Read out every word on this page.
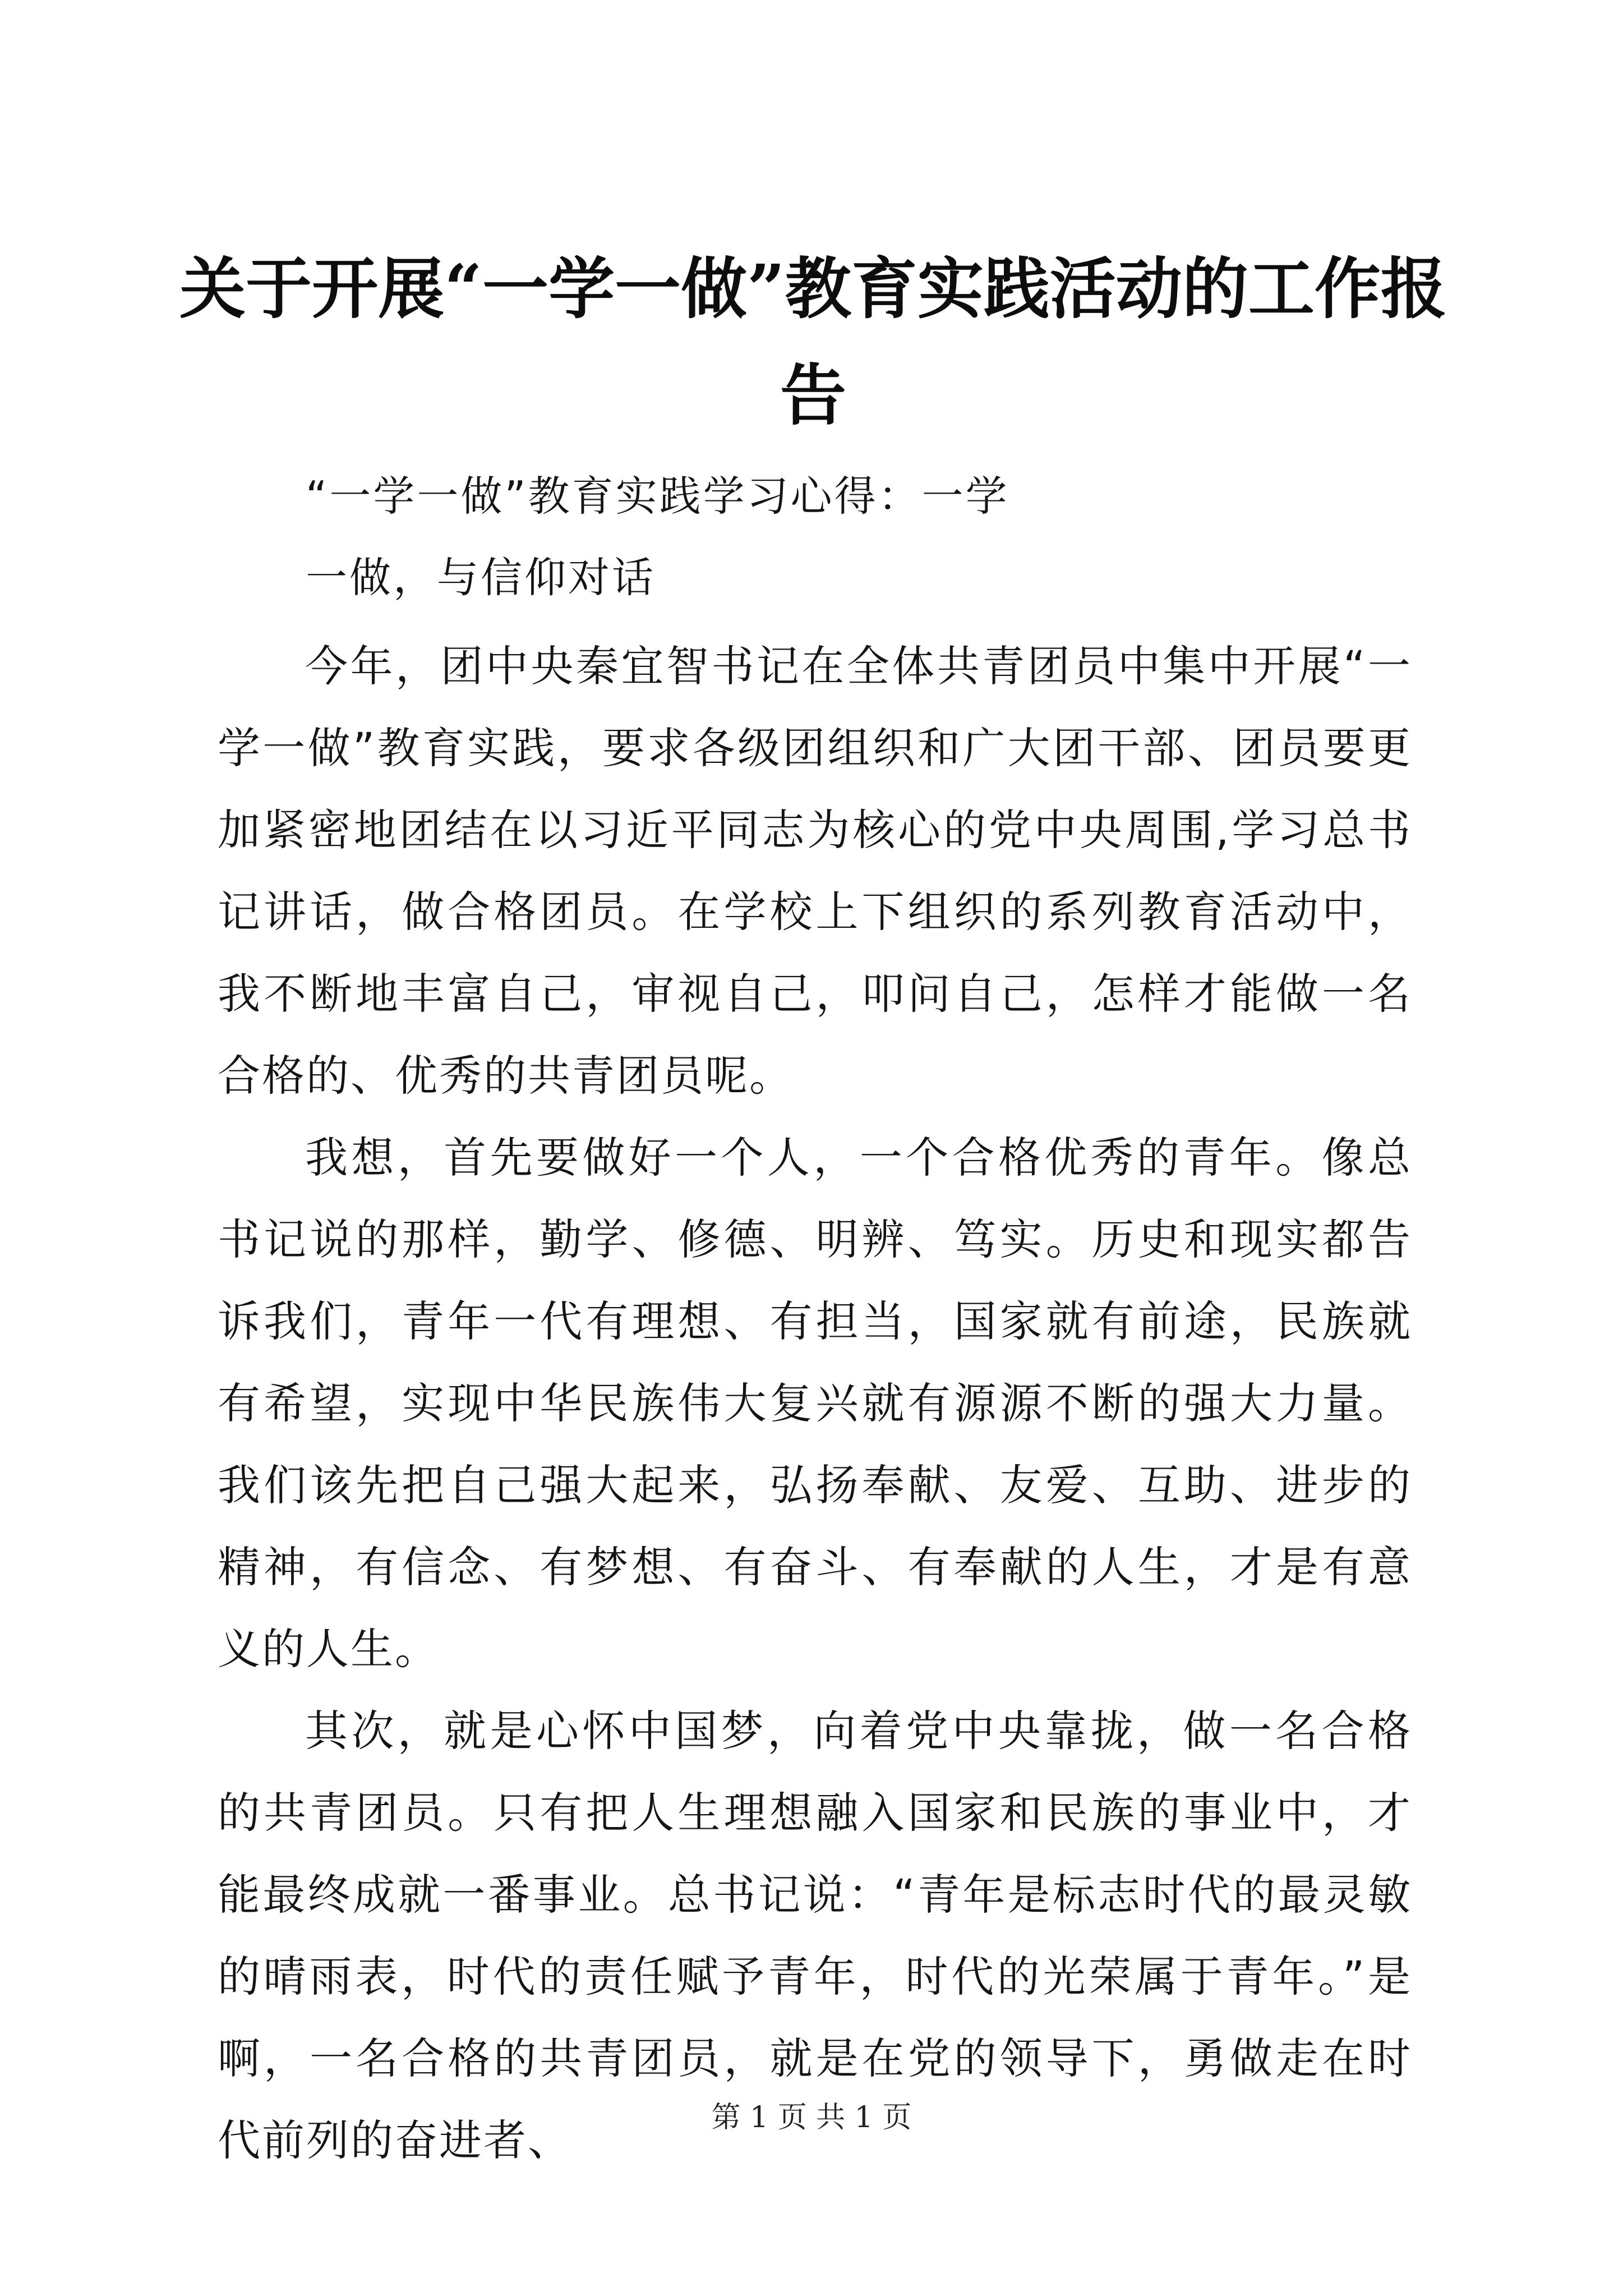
关于开展“一学一做”教育实践活动的工作报
告

“一学一做”教育实践学习心得：一学

一做，与信仰对话

今年，团中央秦宜智书记在全体共青团员中集中开展“一学一做”教育实践，要求各级团组织和广大团干部、团员要更加紧密地团结在以习近平同志为核心的党中央周围,学习总书记讲话，做合格团员。在学校上下组织的系列教育活动中，我不断地丰富自己，审视自己，叩问自己，怎样才能做一名合格的、优秀的共青团员呢。

我想，首先要做好一个人，一个合格优秀的青年。像总书记说的那样，勤学、修德、明辨、笃实。历史和现实都告诉我们，青年一代有理想、有担当，国家就有前途，民族就有希望，实现中华民族伟大复兴就有源源不断的强大力量。我们该先把自己强大起来，弘扬奉献、友爱、互助、进步的精神，有信念、有梦想、有奋斗、有奉献的人生，才是有意义的人生。

其次，就是心怀中国梦，向着党中央靠拢，做一名合格的共青团员。只有把人生理想融入国家和民族的事业中，才能最终成就一番事业。总书记说：“青年是标志时代的最灵敏的晴雨表，时代的责任赋予青年，时代的光荣属于青年。”是啊，一名合格的共青团员，就是在党的领导下，勇做走在时代前列的奋进者、	第 1 页 共 1 页
